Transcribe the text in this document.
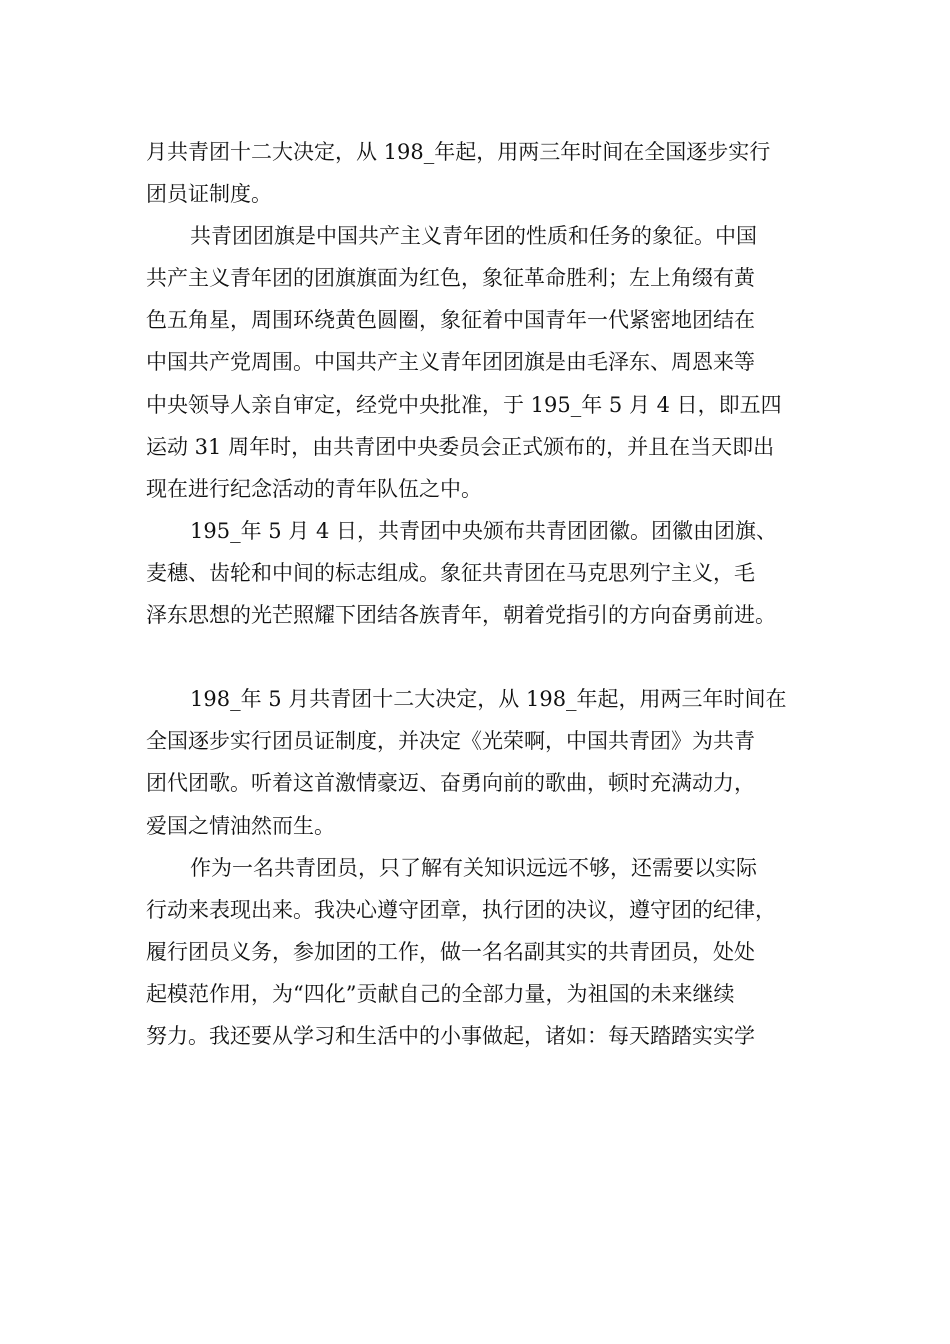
月共青团十二大决定，从 198_年起，用两三年时间在全国逐步实行
团员证制度。
共青团团旗是中国共产主义青年团的性质和任务的象征。中国
共产主义青年团的团旗旗面为红色，象征革命胜利；左上角缀有黄
色五角星，周围环绕黄色圆圈，象征着中国青年一代紧密地团结在
中国共产党周围。中国共产主义青年团团旗是由毛泽东、周恩来等
中央领导人亲自审定，经党中央批准，于 195_年 5 月 4 日，即五四
运动 31 周年时，由共青团中央委员会正式颁布的，并且在当天即出
现在进行纪念活动的青年队伍之中。
195_年 5 月 4 日，共青团中央颁布共青团团徽。团徽由团旗、
麦穗、齿轮和中间的标志组成。象征共青团在马克思列宁主义，毛
泽东思想的光芒照耀下团结各族青年，朝着党指引的方向奋勇前进。
198_年 5 月共青团十二大决定，从 198_年起，用两三年时间在
全国逐步实行团员证制度，并决定《光荣啊，中国共青团》为共青
团代团歌。听着这首激情豪迈、奋勇向前的歌曲，顿时充满动力，
爱国之情油然而生。
作为一名共青团员，只了解有关知识远远不够，还需要以实际
行动来表现出来。我决心遵守团章，执行团的决议，遵守团的纪律，
履行团员义务，参加团的工作，做一名名副其实的共青团员，处处
起模范作用，为“四化”贡献自己的全部力量，为祖国的未来继续
努力。我还要从学习和生活中的小事做起，诸如：每天踏踏实实学
